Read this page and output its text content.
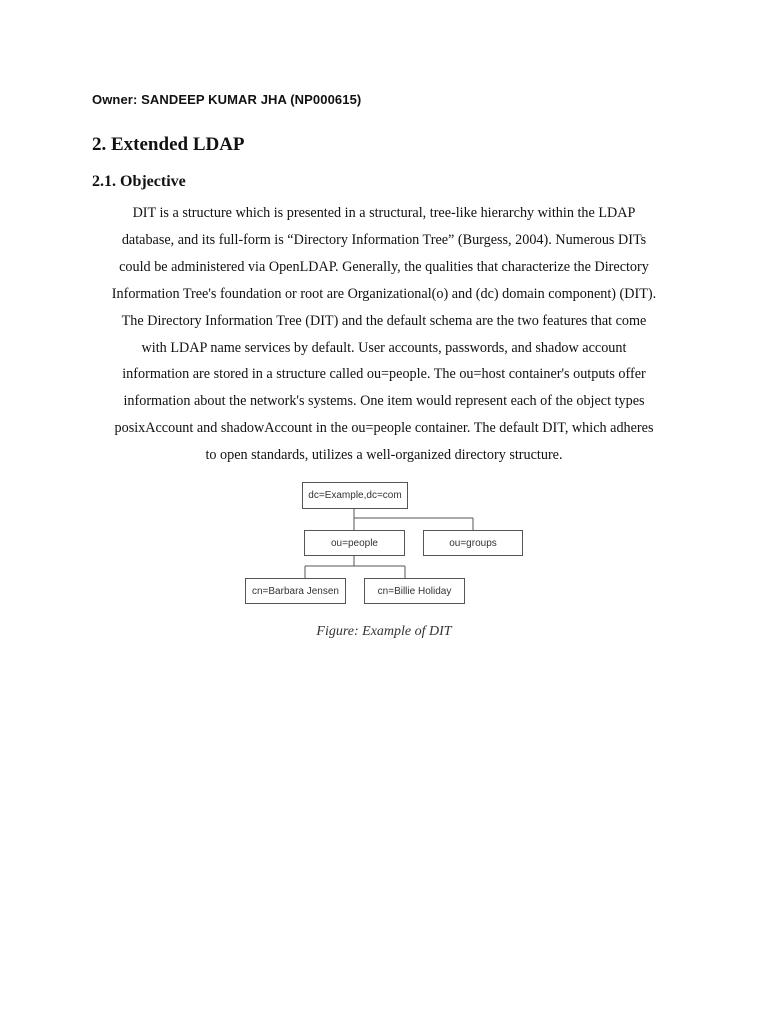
Owner: SANDEEP KUMAR JHA (NP000615)
2. Extended LDAP
2.1. Objective

DIT is a structure which is presented in a structural, tree-like hierarchy within the LDAP
database, and its full-form is “Directory Information Tree” (Burgess, 2004). Numerous DITs
could be administered via OpenLDAP. Generally, the qualities that characterize the Directory
Information Tree's foundation or root are Organizational(o) and (dc) domain component) (DIT).
The Directory Information Tree (DIT) and the default schema are the two features that come
with LDAP name services by default. User accounts, passwords, and shadow account
information are stored in a structure called ou=people. The ou=host container's outputs offer
information about the network's systems. One item would represent each of the object types
posixAccount and shadowAccount in the ou=people container. The default DIT, which adheres
to open standards, utilizes a well-organized directory structure.

dc=Example,dc=com
ou=people	ou=groups
cn=Barbara Jensen	cn=Billie Holiday
Figure: Example of DIT
